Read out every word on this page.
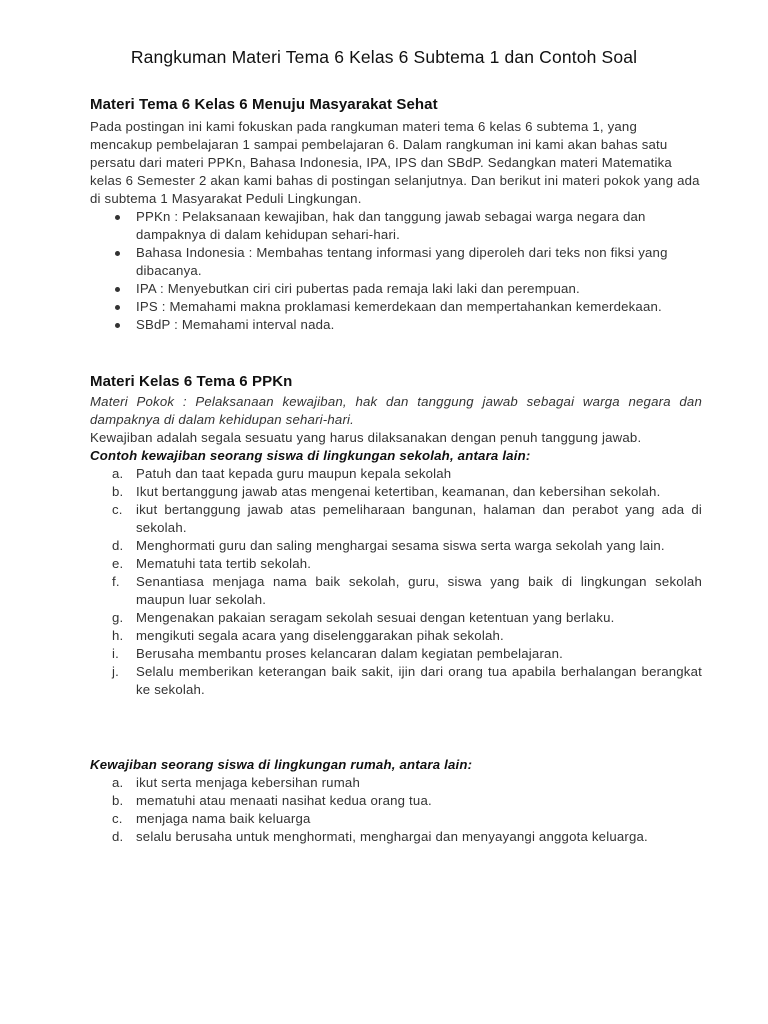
Rangkuman Materi Tema 6 Kelas 6 Subtema 1 dan Contoh Soal
Materi Tema 6 Kelas 6 Menuju Masyarakat Sehat

Pada postingan ini kami fokuskan pada rangkuman materi tema 6 kelas 6 subtema 1, yang mencakup pembelajaran 1 sampai pembelajaran 6. Dalam rangkuman ini kami akan bahas satu persatu dari materi PPKn, Bahasa Indonesia, IPA, IPS dan SBdP. Sedangkan materi Matematika kelas 6 Semester 2 akan kami bahas di postingan selanjutnya. Dan berikut ini materi pokok yang ada di subtema 1 Masyarakat Peduli Lingkungan.

PPKn : Pelaksanaan kewajiban, hak dan tanggung jawab sebagai warga negara dan dampaknya di dalam kehidupan sehari-hari.
Bahasa Indonesia : Membahas tentang informasi yang diperoleh dari teks non fiksi yang dibacanya.
IPA : Menyebutkan ciri ciri pubertas pada remaja laki laki dan perempuan.
IPS : Memahami makna proklamasi kemerdekaan dan mempertahankan kemerdekaan.
SBdP : Memahami interval nada.
Materi Kelas 6 Tema 6 PPKn

Materi Pokok : Pelaksanaan kewajiban, hak dan tanggung jawab sebagai warga negara dan dampaknya di dalam kehidupan sehari-hari.

Kewajiban adalah segala sesuatu yang harus dilaksanakan dengan penuh tanggung jawab.

Contoh kewajiban seorang siswa di lingkungan sekolah, antara lain:

a. Patuh dan taat kepada guru maupun kepala sekolah
b. Ikut bertanggung jawab atas mengenai ketertiban, keamanan, dan kebersihan sekolah.
c. ikut bertanggung jawab atas pemeliharaan bangunan, halaman dan perabot yang ada di sekolah.
d. Menghormati guru dan saling menghargai sesama siswa serta warga sekolah yang lain.
e. Mematuhi tata tertib sekolah.
f. Senantiasa menjaga nama baik sekolah, guru, siswa yang baik di lingkungan sekolah maupun luar sekolah.
g. Mengenakan pakaian seragam sekolah sesuai dengan ketentuan yang berlaku.
h. mengikuti segala acara yang diselenggarakan pihak sekolah.
i. Berusaha membantu proses kelancaran dalam kegiatan pembelajaran.
j. Selalu memberikan keterangan baik sakit, ijin dari orang tua apabila berhalangan berangkat ke sekolah.

Kewajiban seorang siswa di lingkungan rumah, antara lain:

a. ikut serta menjaga kebersihan rumah
b. mematuhi atau menaati nasihat kedua orang tua.
c. menjaga nama baik keluarga
d. selalu berusaha untuk menghormati, menghargai dan menyayangi anggota keluarga.
